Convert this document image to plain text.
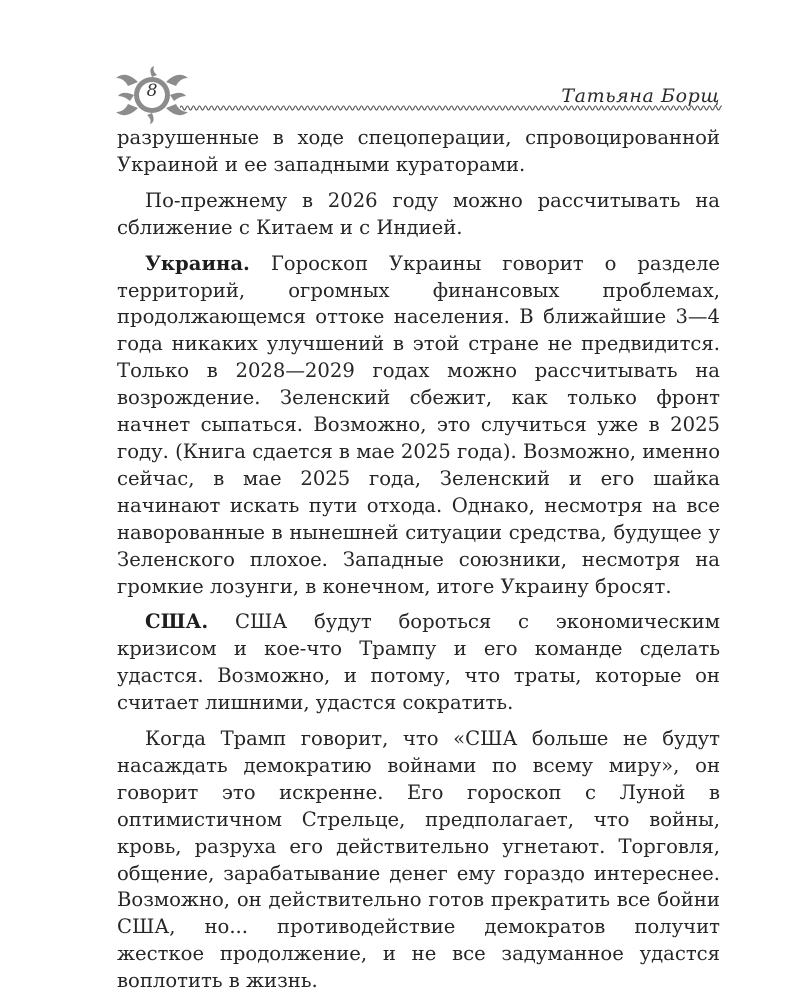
8	Татьяна Борщ

разрушенные в ходе спецоперации, спровоцированной Украиной и ее западными кураторами.

По-прежнему в 2026 году можно рассчитывать на сближение с Китаем и с Индией.

Украина. Гороскоп Украины говорит о разделе территорий, огромных финансовых проблемах, продолжающемся оттоке населения. В ближайшие 3—4 года никаких улучшений в этой стране не предвидится. Только в 2028—2029 годах можно рассчитывать на возрождение. Зеленский сбежит, как только фронт начнет сыпаться. Возможно, это случиться уже в 2025 году. (Книга сдается в мае 2025 года). Возможно, именно сейчас, в мае 2025 года, Зеленский и его шайка начинают искать пути отхода. Однако, несмотря на все наворованные в нынешней ситуации средства, будущее у Зеленского плохое. Западные союзники, несмотря на громкие лозунги, в конечном, итоге Украину бросят.

США. США будут бороться с экономическим кризисом и кое-что Трампу и его команде сделать удастся. Возможно, и потому, что траты, которые он считает лишними, удастся сократить.

Когда Трамп говорит, что «США больше не будут насаждать демократию войнами по всему миру», он говорит это искренне. Его гороскоп с Луной в оптимистичном Стрельце, предполагает, что войны, кровь, разруха его действительно угнетают. Торговля, общение, зарабатывание денег ему гораздо интереснее. Возможно, он действительно готов прекратить все бойни США, но... противодействие демократов получит жесткое продолжение, и не все задуманное удастся воплотить в жизнь.
